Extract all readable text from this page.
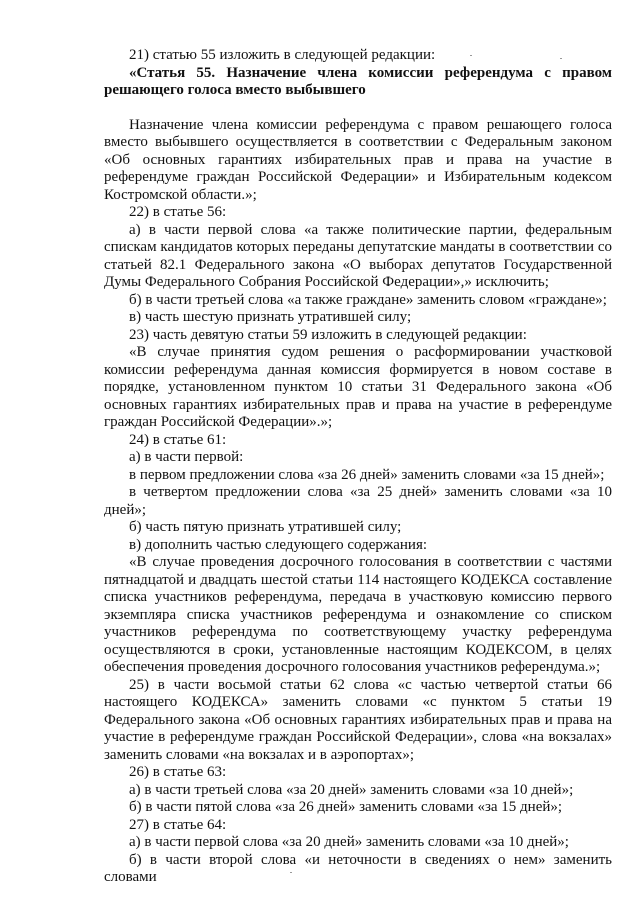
21) статью 55 изложить в следующей редакции:

«Статья 55. Назначение члена комиссии референдума с правом решающего голоса вместо выбывшего

Назначение члена комиссии референдума с правом решающего голоса вместо выбывшего осуществляется в соответствии с Федеральным законом «Об основных гарантиях избирательных прав и права на участие в референдуме граждан Российской Федерации» и Избирательным кодексом Костромской области.»;

22) в статье 56:

а) в части первой слова «а также политические партии, федеральным спискам кандидатов которых переданы депутатские мандаты в соответствии со статьей 82.1 Федерального закона «О выборах депутатов Государственной Думы Федерального Собрания Российской Федерации»,» исключить;

б) в части третьей слова «а также граждане» заменить словом «граждане»;

в) часть шестую признать утратившей силу;

23) часть девятую статьи 59 изложить в следующей редакции:

«В случае принятия судом решения о расформировании участковой комиссии референдума данная комиссия формируется в новом составе в порядке, установленном пунктом 10 статьи 31 Федерального закона «Об основных гарантиях избирательных прав и права на участие в референдуме граждан Российской Федерации».»;

24) в статье 61:

а) в части первой:

в первом предложении слова «за 26 дней» заменить словами «за 15 дней»;

в четвертом предложении слова «за 25 дней» заменить словами «за 10 дней»;

б) часть пятую признать утратившей силу;

в) дополнить частью следующего содержания:

«В случае проведения досрочного голосования в соответствии с частями пятнадцатой и двадцать шестой статьи 114 настоящего КОДЕКСА составление списка участников референдума, передача в участковую комиссию первого экземпляра списка участников референдума и ознакомление со списком участников референдума по соответствующему участку референдума осуществляются в сроки, установленные настоящим КОДЕКСОМ, в целях обеспечения проведения досрочного голосования участников референдума.»;

25) в части восьмой статьи 62 слова «с частью четвертой статьи 66 настоящего КОДЕКСА» заменить словами «с пунктом 5 статьи 19 Федерального закона «Об основных гарантиях избирательных прав и права на участие в референдуме граждан Российской Федерации», слова «на вокзалах» заменить словами «на вокзалах и в аэропортах»;

26) в статье 63:

а) в части третьей слова «за 20 дней» заменить словами «за 10 дней»;

б) в части пятой слова «за 26 дней» заменить словами «за 15 дней»;

27) в статье 64:

а) в части первой слова «за 20 дней» заменить словами «за 10 дней»;

б) в части второй слова «и неточности в сведениях о нем» заменить словами
